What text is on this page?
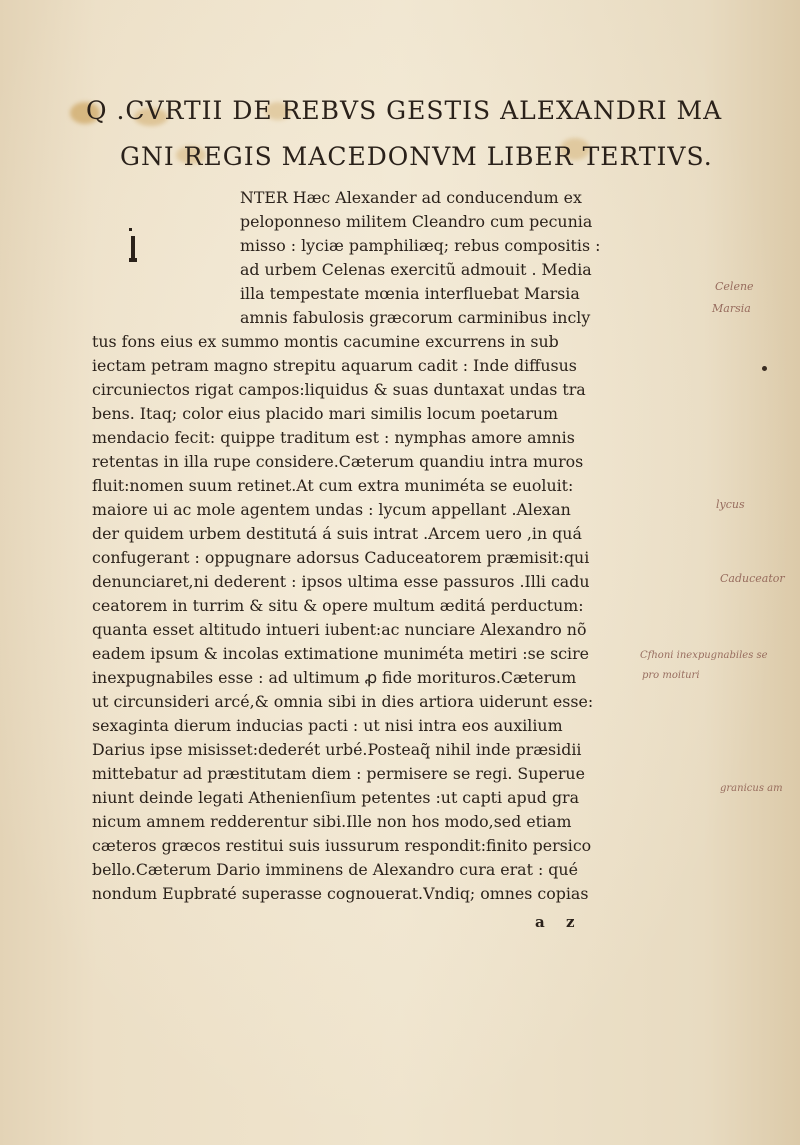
Q .CVRTII DE REBVS GESTIS ALEXANDRI MA
GNI REGIS MACEDONVM LIBER TERTIVS.
NTER Hæc Alexander ad conducendum ex
peloponneso militem Cleandro cum pecunia
misso : lyciæ pamphiliæq; rebus compositis :
ad urbem Celenas exercitũ admouit . Media
illa tempestate mœnia interfluebat Marsia
amnis fabulosis græcorum carminibus incly
tus fons eius ex summo montis cacumine excurrens in sub
iectam petram magno strepitu aquarum cadit : Inde diffusus
circuniectos rigat campos:liquidus & suas duntaxat undas tra
bens. Itaq; color eius placido mari similis locum poetarum
mendacio fecit: quippe traditum est : nymphas amore amnis
retentas in illa rupe considere.Cæterum quandiu intra muros
fluit:nomen suum retinet.At cum extra muniméta se euoluit:
maiore ui ac mole agentem undas : lycum appellant .Alexan
der quidem urbem destitutá á suis intrat .Arcem uero ,in quá
confugerant : oppugnare adorsus Caduceatorem præmisit:qui
denunciaret,ni dederent : ipsos ultima esse passuros .Illi cadu
ceatorem in turrim & situ & opere multum æditá perductum:
quanta esset altitudo intueri iubent:ac nunciare Alexandro nõ
eadem ipsum & incolas extimatione muniméta metiri :se scire
inexpugnabiles esse : ad ultimum ꝓ fide morituros.Cæterum
ut circunsideri arcé,& omnia sibi in dies artiora uiderunt esse:
sexaginta dierum inducias pacti : ut nisi intra eos auxilium
Darius ipse misisset:dederét urbé.Posteaq̃ nihil inde præsidii
mittebatur ad præstitutam diem : permisere se regi. Superue
niunt deinde legati Athenienſium petentes :ut capti apud gra
nicum amnem redderentur sibi.Ille non hos modo,sed etiam
cæteros græcos restitui suis iussurum respondit:finito persico
bello.Cæterum Dario imminens de Alexandro cura erat : qué
nondum Eupbraté superasse cognouerat.Vndiq; omnes copias
a z
Celene
Marsia
lycus
Caduceator
Cfhoni inexpugnabiles se
pro moituri
granicus am
